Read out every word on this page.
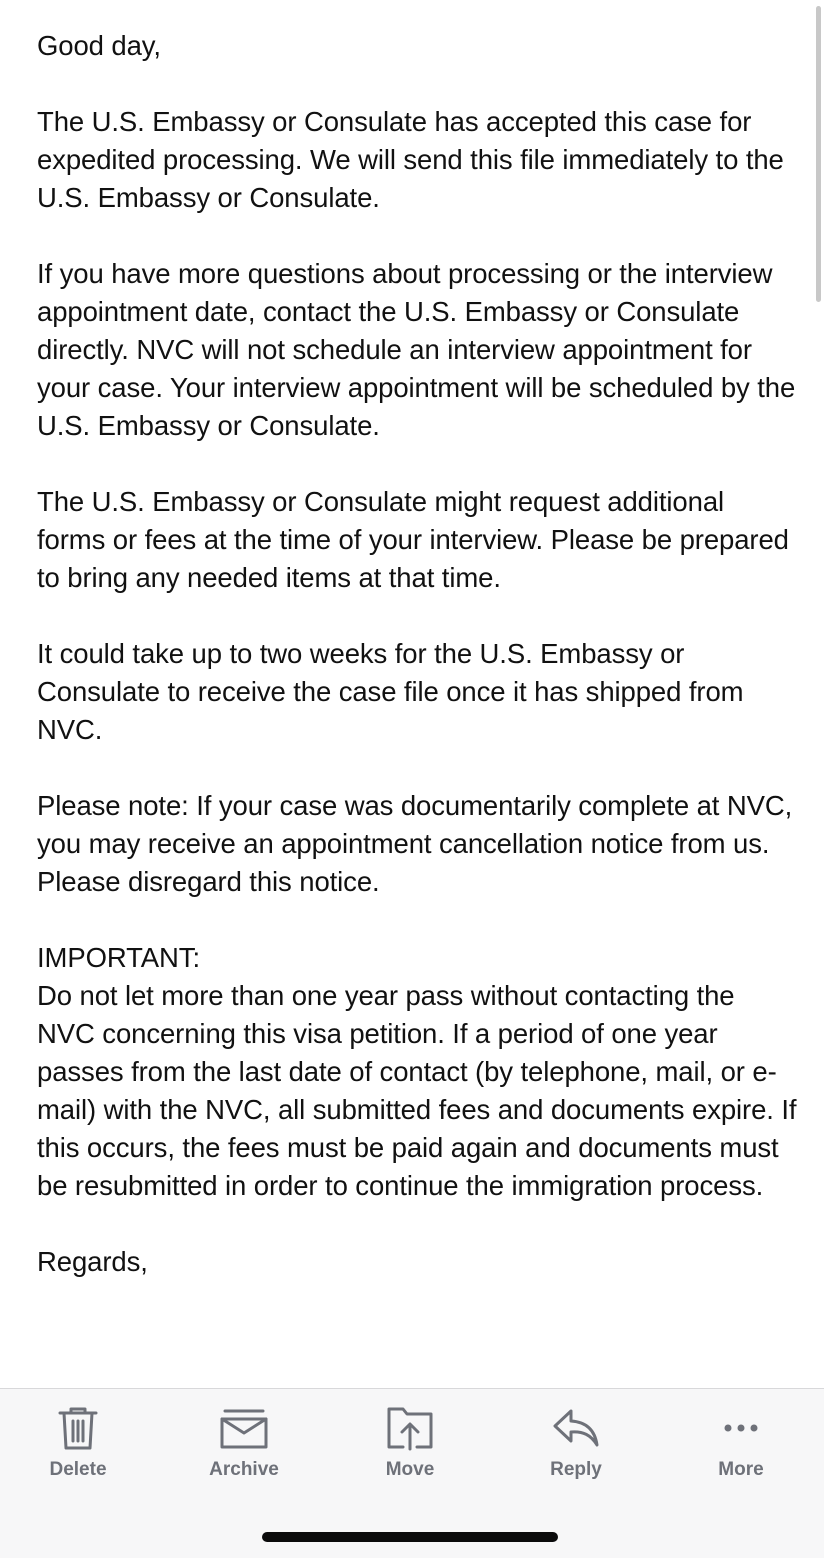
Good day,

The U.S. Embassy or Consulate has accepted this case for expedited processing. We will send this file immediately to the U.S. Embassy or Consulate.

If you have more questions about processing or the interview appointment date, contact the U.S. Embassy or Consulate directly. NVC will not schedule an interview appointment for your case. Your interview appointment will be scheduled by the U.S. Embassy or Consulate.

The U.S. Embassy or Consulate might request additional forms or fees at the time of your interview. Please be prepared to bring any needed items at that time.

It could take up to two weeks for the U.S. Embassy or Consulate to receive the case file once it has shipped from NVC.

Please note: If your case was documentarily complete at NVC, you may receive an appointment cancellation notice from us. Please disregard this notice.

IMPORTANT:

Do not let more than one year pass without contacting the NVC concerning this visa petition. If a period of one year passes from the last date of contact (by telephone, mail, or e-mail) with the NVC, all submitted fees and documents expire. If this occurs, the fees must be paid again and documents must be resubmitted in order to continue the immigration process.

Regards,

Delete	Archive	Move	Reply	More
